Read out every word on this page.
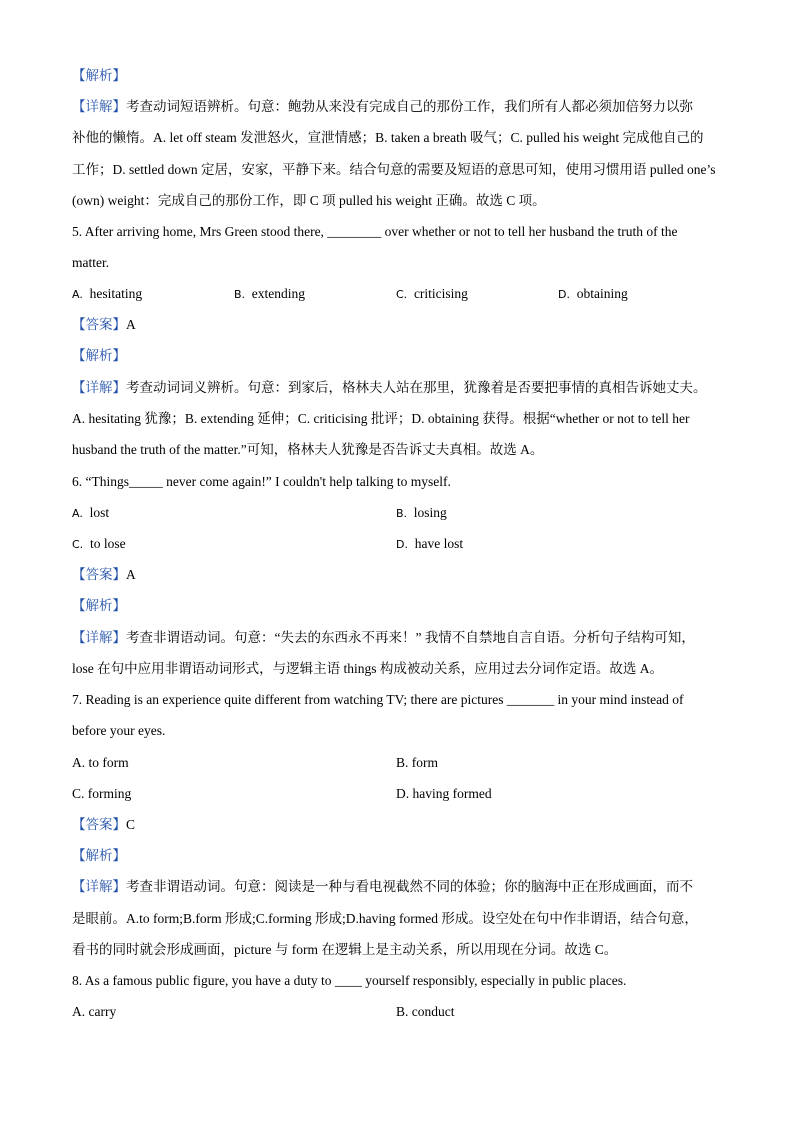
【解析】
【详解】考查动词短语辨析。句意：鲍勃从来没有完成自己的那份工作，我们所有人都必须加倍努力以弥
补他的懒惰。A. let off steam 发泄怒火，宣泄情感；B. taken a breath 吸气；C. pulled his weight 完成他自己的
工作；D. settled down 定居，安家，平静下来。结合句意的需要及短语的意思可知，使用习惯用语 pulled one’s
(own) weight：完成自己的那份工作，即 C 项 pulled his weight 正确。故选 C 项。
5. After arriving home, Mrs Green stood there, ________ over whether or not to tell her husband the truth of the
matter.
A. hesitating	B. extending	C. criticising	D. obtaining
【答案】A
【解析】
【详解】考查动词词义辨析。句意：到家后，格林夫人站在那里，犹豫着是否要把事情的真相告诉她丈夫。
A. hesitating 犹豫；B. extending 延伸；C. criticising 批评；D. obtaining 获得。根据“whether or not to tell her
husband the truth of the matter.”可知，格林夫人犹豫是否告诉丈夫真相。故选 A。
6. “Things_____ never come again!” I couldn't help talking to myself.
A. lost	B. losing
C. to lose	D. have lost
【答案】A
【解析】
【详解】考查非谓语动词。句意：“失去的东西永不再来！” 我情不自禁地自言自语。分析句子结构可知，
lose 在句中应用非谓语动词形式，与逻辑主语 things 构成被动关系，应用过去分词作定语。故选 A。
7. Reading is an experience quite different from watching TV; there are pictures _______ in your mind instead of
before your eyes.
A. to form	B. form
C. forming	D. having formed
【答案】C
【解析】
【详解】考查非谓语动词。句意：阅读是一种与看电视截然不同的体验；你的脑海中正在形成画面，而不
是眼前。A.to form;B.form 形成;C.forming 形成;D.having formed 形成。设空处在句中作非谓语，结合句意，
看书的同时就会形成画面，picture 与 form 在逻辑上是主动关系，所以用现在分词。故选 C。
8. As a famous public figure, you have a duty to ____ yourself responsibly, especially in public places.
A. carry	B. conduct
